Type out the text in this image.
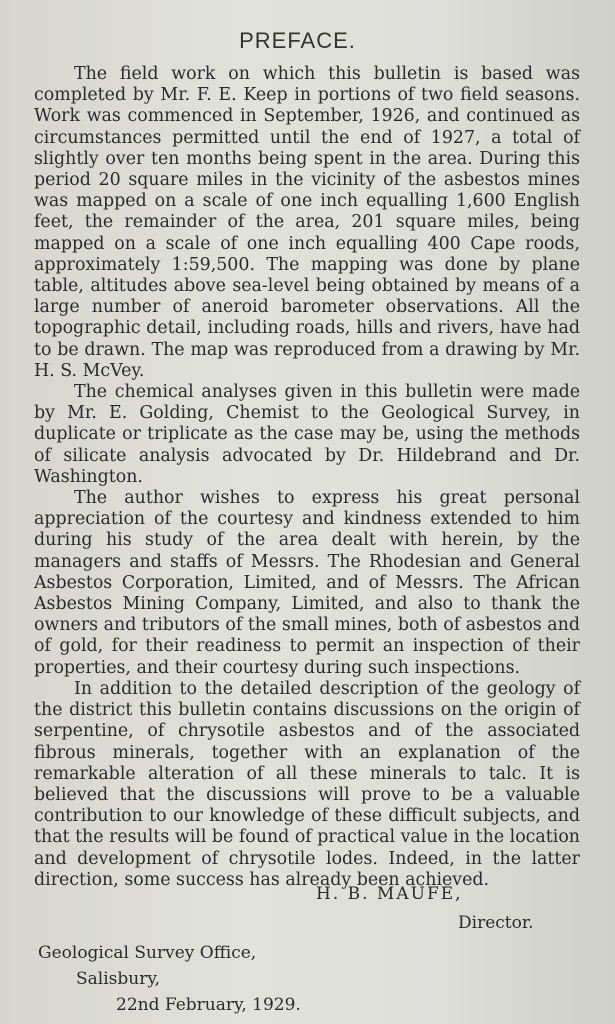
PREFACE.

The field work on which this bulletin is based was completed by Mr. F. E. Keep in portions of two field seasons. Work was commenced in September, 1926, and continued as circumstances permitted until the end of 1927, a total of slightly over ten months being spent in the area. During this period 20 square miles in the vicinity of the asbestos mines was mapped on a scale of one inch equalling 1,600 English feet, the remainder of the area, 201 square miles, being mapped on a scale of one inch equalling 400 Cape roods, approximately 1:59,500. The mapping was done by plane table, altitudes above sea-level being obtained by means of a large number of aneroid barometer observations. All the topographic detail, including roads, hills and rivers, have had to be drawn. The map was reproduced from a drawing by Mr. H. S. McVey.

The chemical analyses given in this bulletin were made by Mr. E. Golding, Chemist to the Geological Survey, in duplicate or triplicate as the case may be, using the methods of silicate analysis advocated by Dr. Hildebrand and Dr. Washington.

The author wishes to express his great personal appreciation of the courtesy and kindness extended to him during his study of the area dealt with herein, by the managers and staffs of Messrs. The Rhodesian and General Asbestos Corporation, Limited, and of Messrs. The African Asbestos Mining Company, Limited, and also to thank the owners and tributors of the small mines, both of asbestos and of gold, for their readiness to permit an inspection of their properties, and their courtesy during such inspections.

In addition to the detailed description of the geology of the district this bulletin contains discussions on the origin of serpentine, of chrysotile asbestos and of the associated fibrous minerals, together with an explanation of the remarkable alteration of all these minerals to talc. It is believed that the discussions will prove to be a valuable contribution to our knowledge of these difficult subjects, and that the results will be found of practical value in the location and development of chrysotile lodes. Indeed, in the latter direction, some success has already been achieved.

H. B. MAUFE,
Director.
Geological Survey Office,
Salisbury,
22nd February, 1929.
